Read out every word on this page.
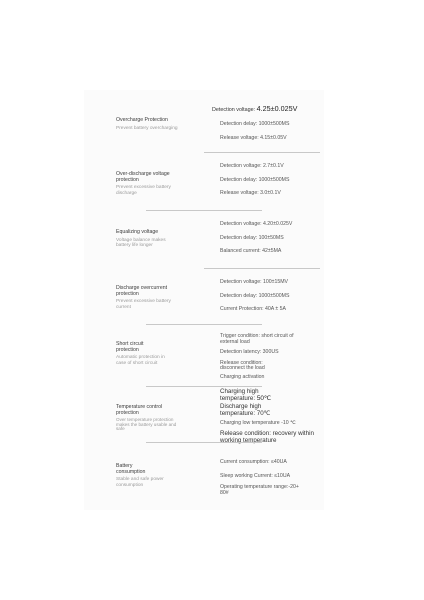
Overcharge Protection
Prevent battery overcharging
Detection voltage: 4.25±0.025V
Detection delay: 1000±500MS
Release voltage: 4.15±0.05V
Over-discharge voltage protection
Prevent excessive battery discharge
Detection voltage: 2.7±0.1V
Detection delay: 1000±500MS
Release voltage: 3.0±0.1V
Equalizing voltage
Voltage balance makes battery life longer
Detection voltage: 4.20±0.025V
Detection delay: 100±50MS
Balanced current: 42±5MA
Discharge overcurrent protection
Prevent excessive battery current
Detection voltage: 100±15MV
Detection delay: 1000±500MS
Current Protection: 40A ± 5A
Short circuit protection
Automatic protection in case of short circuit
Trigger condition: short circuit of external load
Detection latency: 300US
Release condition: disconnect the load
Charging activation
Temperature control protection
Over temperature protection makes the battery usable and safe
Charging high temperature: 50℃
Discharge high temperature: 70℃
Charging low temperature -10 ℃
Release condition: recovery within working temperature
Battery consumption
Stable and safe power consumption
Current consumption: ≤40UA
Sleep working Current: ≤10UA
Operating temperature range:-20+ 80#
